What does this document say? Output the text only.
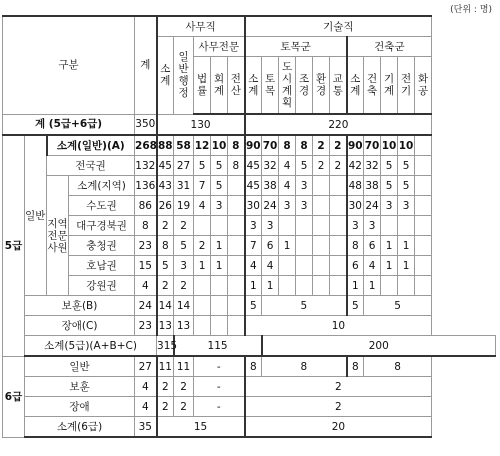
(단위 : 명)
구분				계	사무직					기술직										
					소계	일반행정	사무전문			토목군						건축군				
							법률	회계	전산	소계	토목	도시계획	조경	환경	교통	소계	건축	기계	전기	화공
계 (5급+6급)				350	130					220										
5급	일반	소계(일반)(A)		268	88	58	12	10	8	90	70	8	8	2	2	90	70	10	10	
		전국권		132	45	27	5	5	8	45	32	4	5	2	2	42	32	5	5	
		지역전문사원	소계(지역)	136	43	31	7	5		45	38	4	3			48	38	5	5	
			수도권	86	26	19	4	3		30	24	3	3			30	24	3	3	
			대구경북권	8	2	2				3	3					3	3			
			충청권	23	8	5	2	1		7	6	1				8	6	1	1	
			호남권	15	5	3	1	1		4	4					6	4	1	1	
			강원권	4	2	2				1	1					1	1			
	보훈(B)			24	14	14				5	5					5	5			
	장애(C)			23	13	13				10										
	소계(5급)(A+B+C)				315	115					200									
6급	일반			27	11	11	-			8	8					8	8			
	보훈			4	2	2	-			2										
	장애			4	2	2	-			2										
	소계(6급)			35	15					20										
